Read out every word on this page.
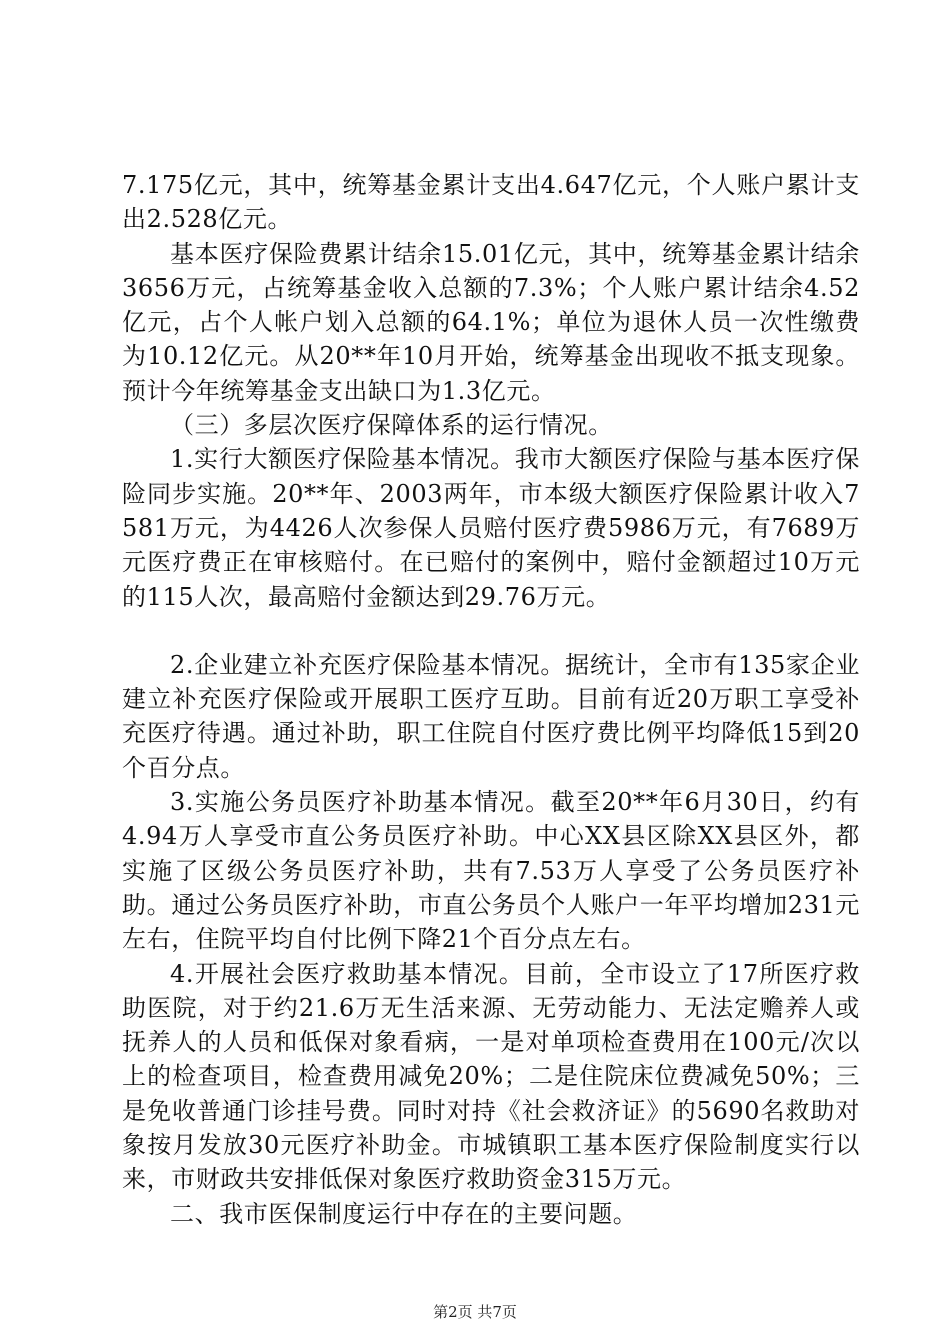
7.175亿元，其中，统筹基金累计支出4.647亿元，个人账户累计支出2.528亿元。

基本医疗保险费累计结余15.01亿元，其中，统筹基金累计结余3656万元，占统筹基金收入总额的7.3%；个人账户累计结余4.52亿元，占个人帐户划入总额的64.1%；单位为退休人员一次性缴费为10.12亿元。从20**年10月开始，统筹基金出现收不抵支现象。预计今年统筹基金支出缺口为1.3亿元。

（三）多层次医疗保障体系的运行情况。

1.实行大额医疗保险基本情况。我市大额医疗保险与基本医疗保险同步实施。20**年、2003两年，市本级大额医疗保险累计收入7581万元，为4426人次参保人员赔付医疗费5986万元，有7689万元医疗费正在审核赔付。在已赔付的案例中，赔付金额超过10万元的115人次，最高赔付金额达到29.76万元。

2.企业建立补充医疗保险基本情况。据统计，全市有135家企业建立补充医疗保险或开展职工医疗互助。目前有近20万职工享受补充医疗待遇。通过补助，职工住院自付医疗费比例平均降低15到20个百分点。

3.实施公务员医疗补助基本情况。截至20**年6月30日，约有4.94万人享受市直公务员医疗补助。中心XX县区除XX县区外，都实施了区级公务员医疗补助，共有7.53万人享受了公务员医疗补助。通过公务员医疗补助，市直公务员个人账户一年平均增加231元左右，住院平均自付比例下降21个百分点左右。

4.开展社会医疗救助基本情况。目前，全市设立了17所医疗救助医院，对于约21.6万无生活来源、无劳动能力、无法定赡养人或抚养人的人员和低保对象看病，一是对单项检查费用在100元/次以上的检查项目，检查费用减免20%；二是住院床位费减免50%；三是免收普通门诊挂号费。同时对持《社会救济证》的5690名救助对象按月发放30元医疗补助金。市城镇职工基本医疗保险制度实行以来，市财政共安排低保对象医疗救助资金315万元。

二、我市医保制度运行中存在的主要问题。

第2页 共7页
